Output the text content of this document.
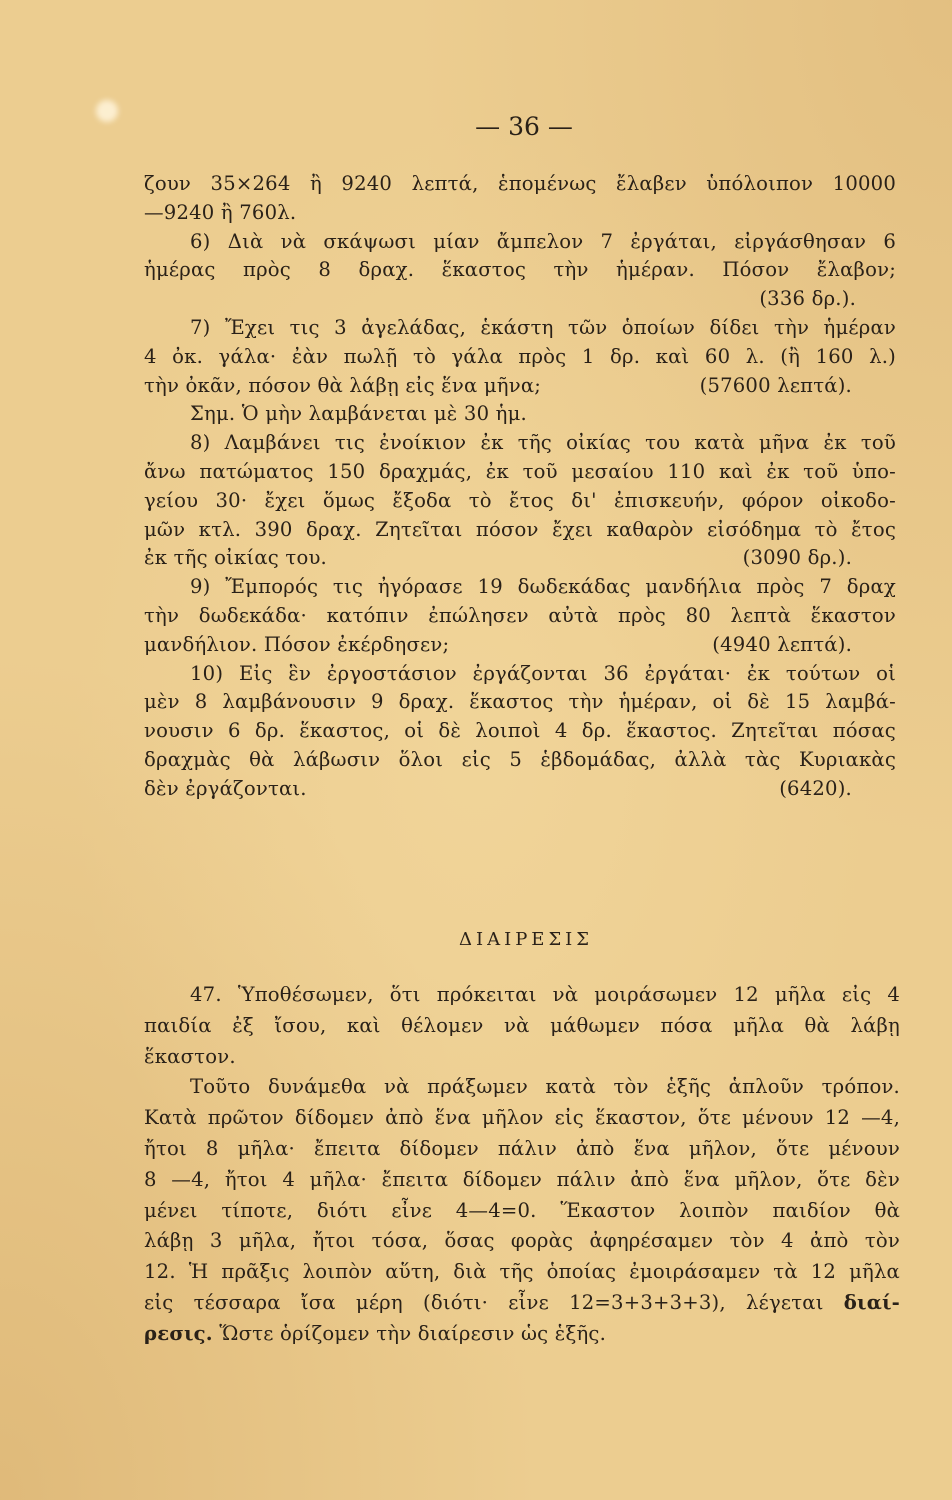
— 36 —
ζουν 35×264 ἢ 9240 λεπτά, ἑπομένως ἔλαβεν ὑπόλοιπον 10000
—9240 ἢ 760λ.
6) Διὰ νὰ σκάψωσι μίαν ἄμπελον 7 ἐργάται, εἰργάσθησαν 6
ἡμέρας πρὸς 8 δραχ. ἕκαστος τὴν ἡμέραν. Πόσον ἔλαβον;
(336 δρ.).
7) Ἔχει τις 3 ἀγελάδας, ἑκάστη τῶν ὁποίων δίδει τὴν ἡμέραν
4 ὀκ. γάλα· ἐὰν πωλῇ τὸ γάλα πρὸς 1 δρ. καὶ 60 λ. (ἢ 160 λ.)
τὴν ὀκᾶν, πόσον θὰ λάβῃ εἰς ἕνα μῆνα;	(57600 λεπτά).
Σημ. Ὁ μὴν λαμβάνεται μὲ 30 ἡμ.
8) Λαμβάνει τις ἐνοίκιον ἐκ τῆς οἰκίας του κατὰ μῆνα ἐκ τοῦ
ἄνω πατώματος 150 δραχμάς, ἐκ τοῦ μεσαίου 110 καὶ ἐκ τοῦ ὑπο-
γείου 30· ἔχει ὅμως ἔξοδα τὸ ἔτος δι' ἐπισκευήν, φόρον οἰκοδο-
μῶν κτλ. 390 δραχ. Ζητεῖται πόσον ἔχει καθαρὸν εἰσόδημα τὸ ἔτος
ἐκ τῆς οἰκίας του.	(3090 δρ.).
9) Ἔμπορός τις ἠγόρασε 19 δωδεκάδας μανδήλια πρὸς 7 δραχ
τὴν δωδεκάδα· κατόπιν ἐπώλησεν αὐτὰ πρὸς 80 λεπτὰ ἕκαστον
μανδήλιον. Πόσον ἐκέρδησεν;	(4940 λεπτά).
10) Εἰς ἓν ἐργοστάσιον ἐργάζονται 36 ἐργάται· ἐκ τούτων οἱ
μὲν 8 λαμβάνουσιν 9 δραχ. ἕκαστος τὴν ἡμέραν, οἱ δὲ 15 λαμβά-
νουσιν 6 δρ. ἕκαστος, οἱ δὲ λοιποὶ 4 δρ. ἕκαστος. Ζητεῖται πόσας
δραχμὰς θὰ λάβωσιν ὅλοι εἰς 5 ἑβδομάδας, ἀλλὰ τὰς Κυριακὰς
δὲν ἐργάζονται.	(6420).
ΔΙΑΙΡΕΣΙΣ
47. Ὑποθέσωμεν, ὅτι πρόκειται νὰ μοιράσωμεν 12 μῆλα εἰς 4
παιδία ἐξ ἴσου, καὶ θέλομεν νὰ μάθωμεν πόσα μῆλα θὰ λάβῃ
ἕκαστον.
Τοῦτο δυνάμεθα νὰ πράξωμεν κατὰ τὸν ἑξῆς ἁπλοῦν τρόπον.
Κατὰ πρῶτον δίδομεν ἀπὸ ἕνα μῆλον εἰς ἕκαστον, ὅτε μένουν 12 —4,
ἤτοι 8 μῆλα· ἔπειτα δίδομεν πάλιν ἀπὸ ἕνα μῆλον, ὅτε μένουν
8 —4, ἤτοι 4 μῆλα· ἔπειτα δίδομεν πάλιν ἀπὸ ἕνα μῆλον, ὅτε δὲν
μένει τίποτε, διότι εἶνε 4—4=0. Ἕκαστον λοιπὸν παιδίον θὰ
λάβῃ 3 μῆλα, ἤτοι τόσα, ὅσας φορὰς ἀφηρέσαμεν τὸν 4 ἀπὸ τὸν
12. Ἡ πρᾶξις λοιπὸν αὕτη, διὰ τῆς ὁποίας ἐμοιράσαμεν τὰ 12 μῆλα
εἰς τέσσαρα ἴσα μέρη (διότι· εἶνε 12=3+3+3+3), λέγεται διαί-
ρεσις. Ὥστε ὁρίζομεν τὴν διαίρεσιν ὡς ἑξῆς.
